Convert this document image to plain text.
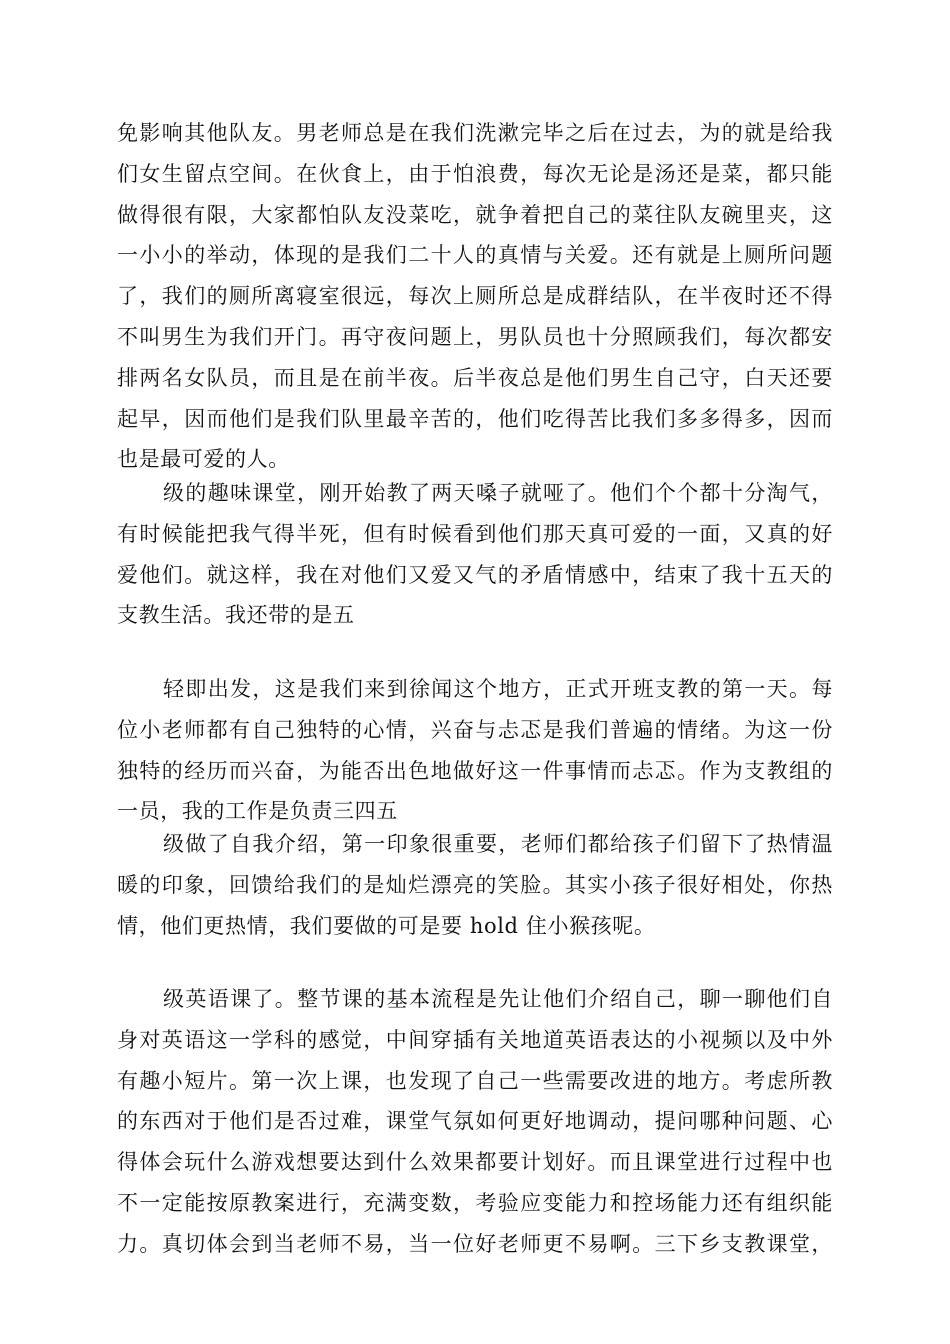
免影响其他队友。男老师总是在我们洗漱完毕之后在过去，为的就是给我
们女生留点空间。在伙食上，由于怕浪费，每次无论是汤还是菜，都只能
做得很有限，大家都怕队友没菜吃，就争着把自己的菜往队友碗里夹，这
一小小的举动，体现的是我们二十人的真情与关爱。还有就是上厕所问题
了，我们的厕所离寝室很远，每次上厕所总是成群结队，在半夜时还不得
不叫男生为我们开门。再守夜问题上，男队员也十分照顾我们，每次都安
排两名女队员，而且是在前半夜。后半夜总是他们男生自己守，白天还要
起早，因而他们是我们队里最辛苦的，他们吃得苦比我们多多得多，因而
也是最可爱的人。
级的趣味课堂，刚开始教了两天嗓子就哑了。他们个个都十分淘气，
有时候能把我气得半死，但有时候看到他们那天真可爱的一面，又真的好
爱他们。就这样，我在对他们又爱又气的矛盾情感中，结束了我十五天的
支教生活。我还带的是五
轻即出发，这是我们来到徐闻这个地方，正式开班支教的第一天。每
位小老师都有自己独特的心情，兴奋与忐忑是我们普遍的情绪。为这一份
独特的经历而兴奋，为能否出色地做好这一件事情而忐忑。作为支教组的
一员，我的工作是负责三四五
级做了自我介绍，第一印象很重要，老师们都给孩子们留下了热情温
暖的印象，回馈给我们的是灿烂漂亮的笑脸。其实小孩子很好相处，你热
情，他们更热情，我们要做的可是要 hold 住小猴孩呢。
级英语课了。整节课的基本流程是先让他们介绍自己，聊一聊他们自
身对英语这一学科的感觉，中间穿插有关地道英语表达的小视频以及中外
有趣小短片。第一次上课，也发现了自己一些需要改进的地方。考虑所教
的东西对于他们是否过难，课堂气氛如何更好地调动，提问哪种问题、心
得体会玩什么游戏想要达到什么效果都要计划好。而且课堂进行过程中也
不一定能按原教案进行，充满变数，考验应变能力和控场能力还有组织能
力。真切体会到当老师不易，当一位好老师更不易啊。三下乡支教课堂，
